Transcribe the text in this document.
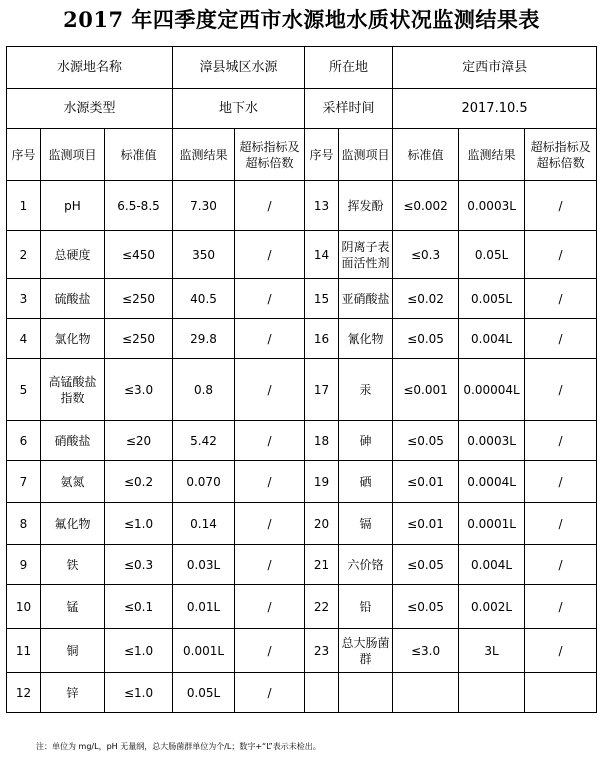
2017 年四季度定西市水源地水质状况监测结果表
水源地名称			漳县城区水源		所在地		定西市漳县		
水源类型			地下水		采样时间		2017.10.5		
序号	监测项目	标准值	监测结果	超标指标及超标倍数	序号	监测项目	标准值	监测结果	超标指标及超标倍数
1	pH	6.5-8.5	7.30	/	13	挥发酚	≤0.002	0.0003L	/
2	总硬度	≤450	350	/	14	阴离子表面活性剂	≤0.3	0.05L	/
3	硫酸盐	≤250	40.5	/	15	亚硝酸盐	≤0.02	0.005L	/
4	氯化物	≤250	29.8	/	16	氰化物	≤0.05	0.004L	/
5	高锰酸盐指数	≤3.0	0.8	/	17	汞	≤0.001	0.00004L	/
6	硝酸盐	≤20	5.42	/	18	砷	≤0.05	0.0003L	/
7	氨氮	≤0.2	0.070	/	19	硒	≤0.01	0.0004L	/
8	氟化物	≤1.0	0.14	/	20	镉	≤0.01	0.0001L	/
9	铁	≤0.3	0.03L	/	21	六价铬	≤0.05	0.004L	/
10	锰	≤0.1	0.01L	/	22	铅	≤0.05	0.002L	/
11	铜	≤1.0	0.001L	/	23	总大肠菌群	≤3.0	3L	/
12	锌	≤1.0	0.05L	/					
注：单位为 mg/L，pH 无量纲，总大肠菌群单位为个/L；数字+“L”表示未检出。
